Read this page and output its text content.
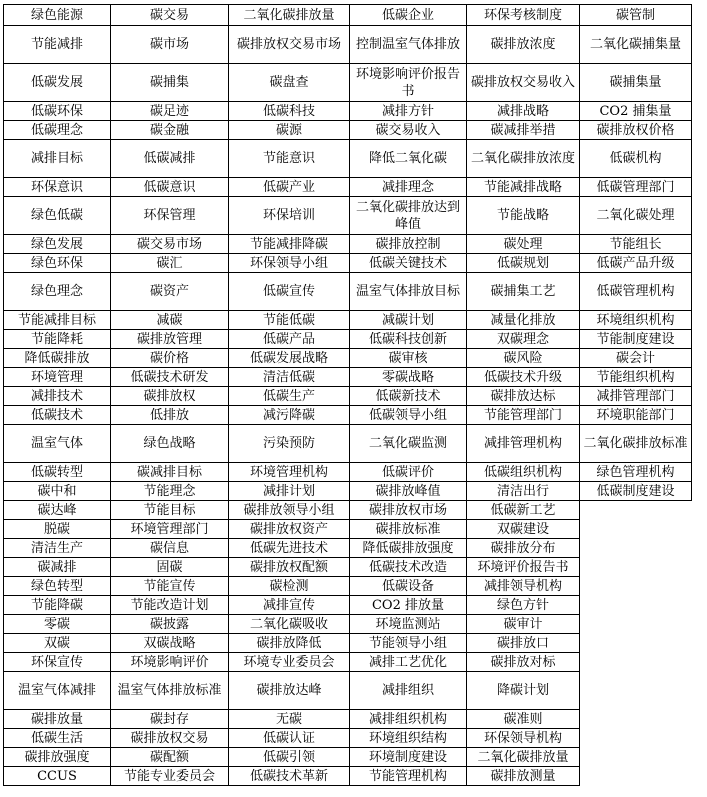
绿色能源	碳交易	二氧化碳排放量	低碳企业	环保考核制度	碳管制
节能减排	碳市场	碳排放权交易市场	控制温室气体排放	碳排放浓度	二氧化碳捕集量
低碳发展	碳捕集	碳盘查	环境影响评价报告书	碳排放权交易收入	碳捕集量
低碳环保	碳足迹	低碳科技	减排方针	减排战略	CO2 捕集量
低碳理念	碳金融	碳源	碳交易收入	碳减排举措	碳排放权价格
减排目标	低碳减排	节能意识	降低二氧化碳	二氧化碳排放浓度	低碳机构
环保意识	低碳意识	低碳产业	减排理念	节能减排战略	低碳管理部门
绿色低碳	环保管理	环保培训	二氧化碳排放达到峰值	节能战略	二氧化碳处理
绿色发展	碳交易市场	节能减排降碳	碳排放控制	碳处理	节能组长
绿色环保	碳汇	环保领导小组	低碳关键技术	低碳规划	低碳产品升级
绿色理念	碳资产	低碳宣传	温室气体排放目标	碳捕集工艺	低碳管理机构
节能减排目标	减碳	节能低碳	减碳计划	减量化排放	环境组织机构
节能降耗	碳排放管理	低碳产品	低碳科技创新	双碳理念	节能制度建设
降低碳排放	碳价格	低碳发展战略	碳审核	碳风险	碳会计
环境管理	低碳技术研发	清洁低碳	零碳战略	低碳技术升级	节能组织机构
减排技术	碳排放权	低碳生产	低碳新技术	碳排放达标	减排管理部门
低碳技术	低排放	减污降碳	低碳领导小组	节能管理部门	环境职能部门
温室气体	绿色战略	污染预防	二氧化碳监测	减排管理机构	二氧化碳排放标准
低碳转型	碳减排目标	环境管理机构	低碳评价	低碳组织机构	绿色管理机构
碳中和	节能理念	减排计划	碳排放峰值	清洁出行	低碳制度建设
碳达峰	节能目标	碳排放领导小组	碳排放权市场	低碳新工艺	
脱碳	环境管理部门	碳排放权资产	碳排放标准	双碳建设	
清洁生产	碳信息	低碳先进技术	降低碳排放强度	碳排放分布	
碳减排	固碳	碳排放权配额	低碳技术改造	环境评价报告书	
绿色转型	节能宣传	碳检测	低碳设备	减排领导机构	
节能降碳	节能改造计划	减排宣传	CO2 排放量	绿色方针	
零碳	碳披露	二氧化碳吸收	环境监测站	碳审计	
双碳	双碳战略	碳排放降低	节能领导小组	碳排放口	
环保宣传	环境影响评价	环境专业委员会	减排工艺优化	碳排放对标	
温室气体减排	温室气体排放标准	碳排放达峰	减排组织	降碳计划	
碳排放量	碳封存	无碳	减排组织机构	碳准则	
低碳生活	碳排放权交易	低碳认证	环境组织结构	环保领导机构	
碳排放强度	碳配额	低碳引领	环境制度建设	二氧化碳排放量	
CCUS	节能专业委员会	低碳技术革新	节能管理机构	碳排放测量	
